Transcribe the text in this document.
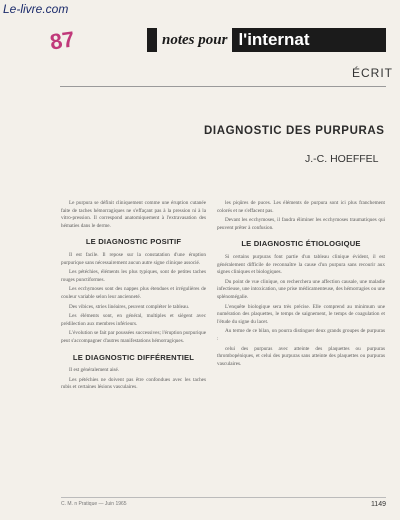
Le-livre.com
87	notes pour l'internat
ÉCRIT
DIAGNOSTIC DES PURPURAS
J.-C. HOEFFEL

Le purpura se définit cliniquement comme une éruption cutanée faite de taches hémorragiques ne s'effaçant pas à la pression ni à la vitro-pression. Il correspond anatomiquement à l'extravasation des hématies dans le derme.

LE DIAGNOSTIC POSITIF

Il est facile. Il repose sur la constatation d'une éruption purpurique sans nécessairement aucun autre signe clinique associé.

Les pétéchies, éléments les plus typiques, sont de petites taches rouges punctiformes.

Les ecchymoses sont des nappes plus étendues et irrégulières de couleur variable selon leur ancienneté.

Des vibices, stries linéaires, peuvent compléter le tableau.

Les éléments sont, en général, multiples et siègent avec prédilection aux membres inférieurs.

L'évolution se fait par poussées successives; l'éruption purpurique peut s'accompagner d'autres manifestations hémorragiques.

LE DIAGNOSTIC DIFFÉRENTIEL

Il est généralement aisé.

Les pétéchies ne doivent pas être confondues avec les taches rubis et certaines lésions vasculaires.

les piqûres de puces. Les éléments de purpura sont ici plus franchement colorés et ne s'effacent pas.

Devant les ecchymoses, il faudra éliminer les ecchymoses traumatiques qui peuvent prêter à confusion.

LE DIAGNOSTIC ÉTIOLOGIQUE

Si certains purpuras font partie d'un tableau clinique évident, il est généralement difficile de reconnaître la cause d'un purpura sans recourir aux signes cliniques et biologiques.

Du point de vue clinique, on recherchera une affection causale, une maladie infectieuse, une intoxication, une prise médicamenteuse, des hémorragies ou une splénomégalie.

L'enquête biologique sera très précise. Elle comprend au minimum une numération des plaquettes, le temps de saignement, le temps de coagulation et l'étude du signe du lacet.

Au terme de ce bilan, on pourra distinguer deux grands groupes de purpuras :

celui des purpuras avec atteinte des plaquettes ou purpuras thrombopéniques, et celui des purpuras sans atteinte des plaquettes ou purpuras vasculaires.

C. M. n Pratique — Juin 1965	1149
